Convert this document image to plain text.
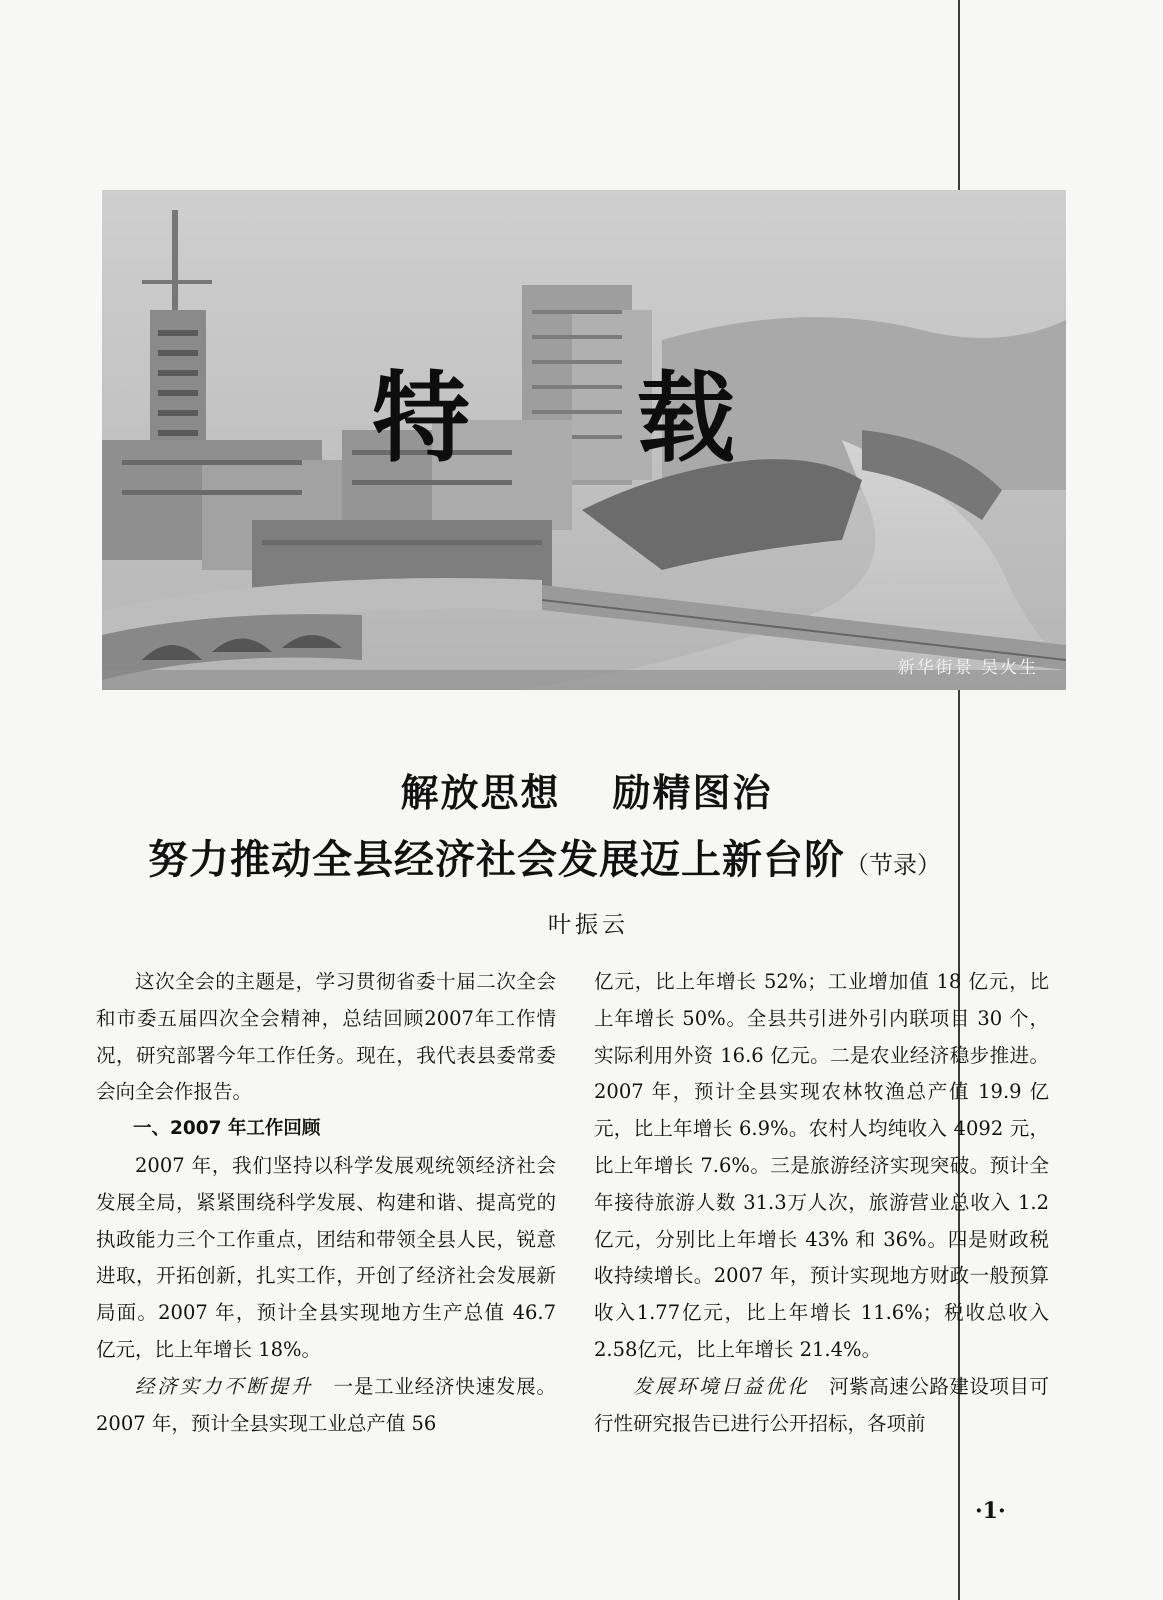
特 载
新华街景 吴火生
解放思想 励精图治
努力推动全县经济社会发展迈上新台阶（节录）
叶振云

这次全会的主题是，学习贯彻省委十届二次全会和市委五届四次全会精神，总结回顾2007年工作情况，研究部署今年工作任务。现在，我代表县委常委会向全会作报告。

一、2007 年工作回顾

2007 年，我们坚持以科学发展观统领经济社会发展全局，紧紧围绕科学发展、构建和谐、提高党的执政能力三个工作重点，团结和带领全县人民，锐意进取，开拓创新，扎实工作，开创了经济社会发展新局面。2007 年，预计全县实现地方生产总值 46.7 亿元，比上年增长 18%。

经济实力不断提升　 一是工业经济快速发展。2007 年，预计全县实现工业总产值 56

亿元，比上年增长 52%；工业增加值 18 亿元，比上年增长 50%。全县共引进外引内联项目 30 个，实际利用外资 16.6 亿元。二是农业经济稳步推进。2007 年，预计全县实现农林牧渔总产值 19.9 亿元，比上年增长 6.9%。农村人均纯收入 4092 元，比上年增长 7.6%。三是旅游经济实现突破。预计全年接待旅游人数 31.3万人次，旅游营业总收入 1.2 亿元，分别比上年增长 43% 和 36%。四是财政税收持续增长。2007 年，预计实现地方财政一般预算收入1.77亿元，比上年增长 11.6%；税收总收入 2.58亿元，比上年增长 21.4%。

发展环境日益优化　 河紫高速公路建设项目可行性研究报告已进行公开招标，各项前

·1·
